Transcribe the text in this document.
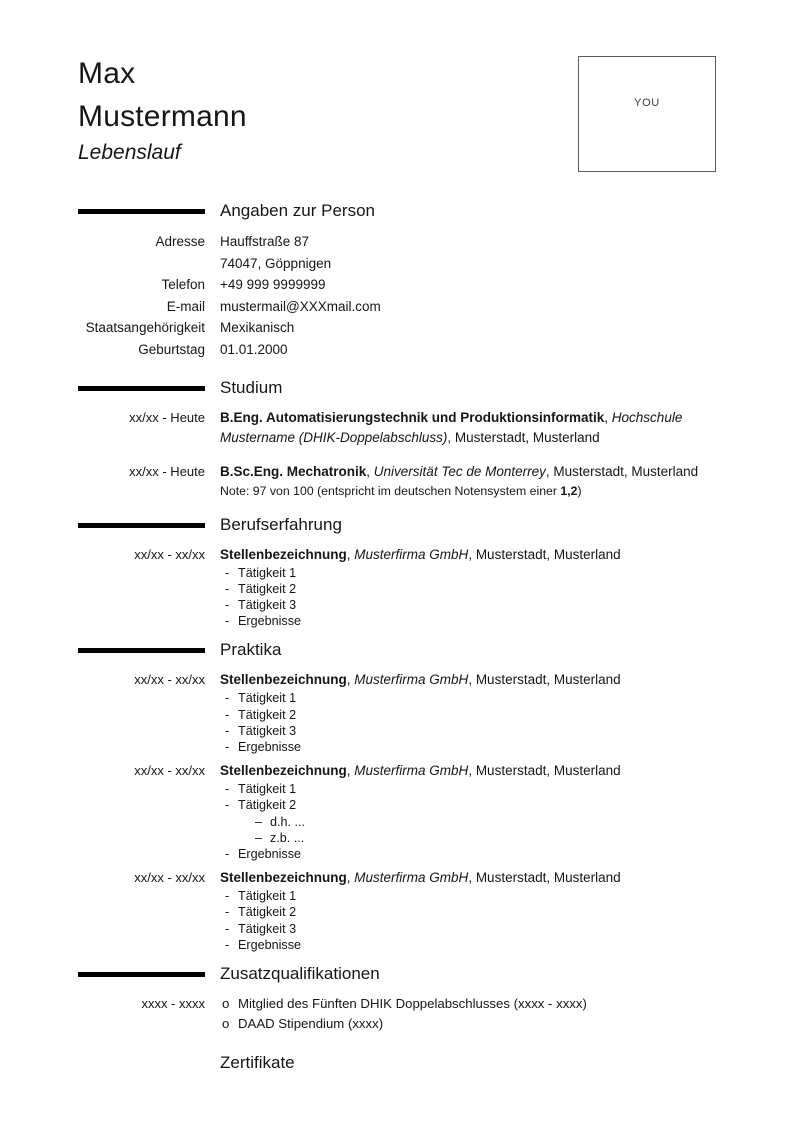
YOU
Max
Mustermann
Lebenslauf
Angaben zur Person
Adresse Hauffstraße 87
74047, Göppnigen
Telefon +49 999 9999999
E-mail mustermail@XXXmail.com
Staatsangehörigkeit Mexikanisch
Geburtstag 01.01.2000
Studium
xx/xx - Heute B.Eng. Automatisierungstechnik und Produktionsinformatik, Hochschule Mustername (DHIK-Doppelabschluss), Musterstadt, Musterland
xx/xx - Heute B.Sc.Eng. Mechatronik, Universität Tec de Monterrey, Musterstadt, Musterland
Note: 97 von 100 (entspricht im deutschen Notensystem einer 1,2)
Berufserfahrung
xx/xx - xx/xx Stellenbezeichnung, Musterfirma GmbH, Musterstadt, Musterland
- Tätigkeit 1
- Tätigkeit 2
- Tätigkeit 3
- Ergebnisse
Praktika
xx/xx - xx/xx Stellenbezeichnung, Musterfirma GmbH, Musterstadt, Musterland
- Tätigkeit 1
- Tätigkeit 2
- Tätigkeit 3
- Ergebnisse
xx/xx - xx/xx Stellenbezeichnung, Musterfirma GmbH, Musterstadt, Musterland
- Tätigkeit 1
- Tätigkeit 2
– d.h. ...
– z.b. ...
- Ergebnisse
xx/xx - xx/xx Stellenbezeichnung, Musterfirma GmbH, Musterstadt, Musterland
- Tätigkeit 1
- Tätigkeit 2
- Tätigkeit 3
- Ergebnisse
Zusatzqualifikationen
xxxx - xxxx o Mitglied des Fünften DHIK Doppelabschlusses (xxxx - xxxx)
o DAAD Stipendium (xxxx)
Zertifikate
